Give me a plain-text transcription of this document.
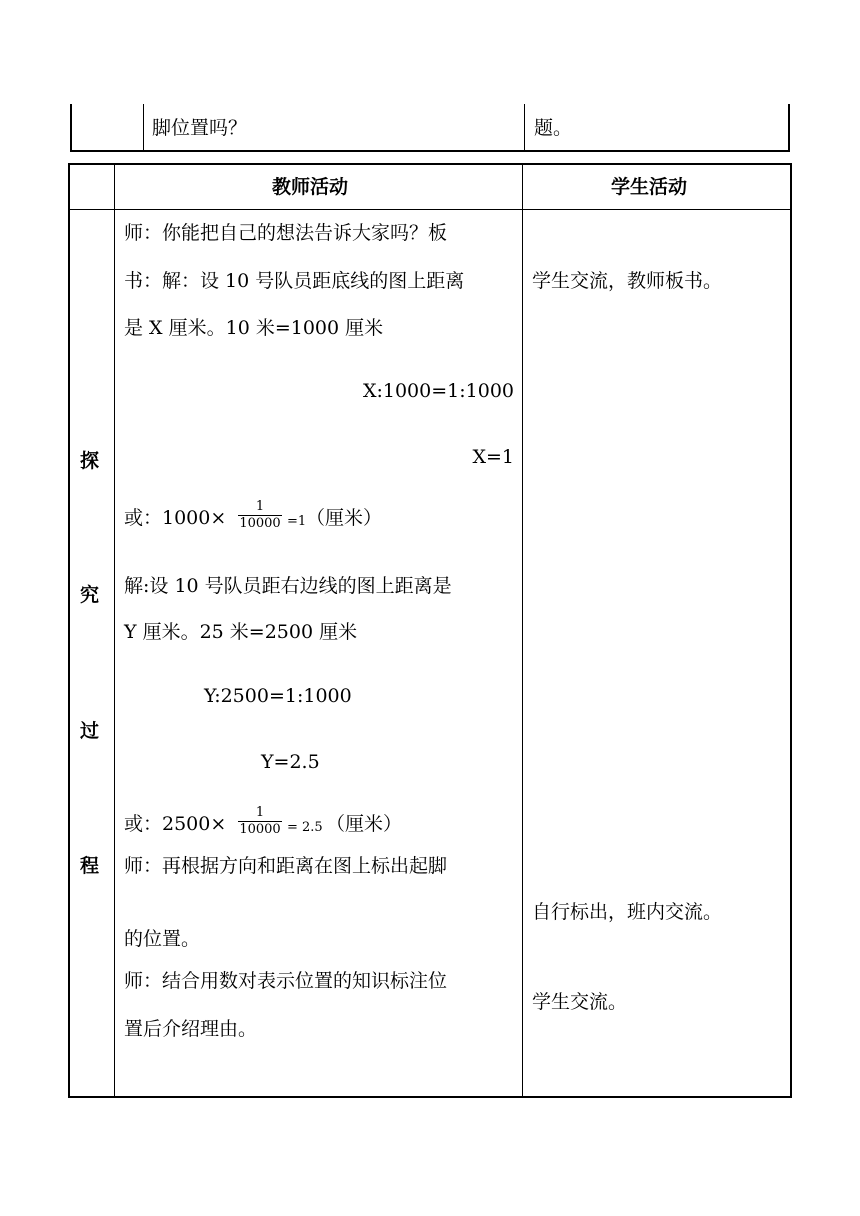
脚位置吗？	题。
教师活动	学生活动
探
究
过
程
师：你能把自己的想法告诉大家吗？板
书：解：设 10 号队员距底线的图上距离
是 X 厘米。10 米=1000 厘米
X:1000=1:1000
X=1
或：1000×
1
10000 =1 （厘米）
解:设 10 号队员距右边线的图上距离是
Y 厘米。25 米=2500 厘米
Y:2500=1:1000
Y=2.5
或：2500×
1
10000 = 2.5 （厘米）
师：再根据方向和距离在图上标出起脚
的位置。
师：结合用数对表示位置的知识标注位
置后介绍理由。
学生交流，教师板书。
自行标出，班内交流。
学生交流。
